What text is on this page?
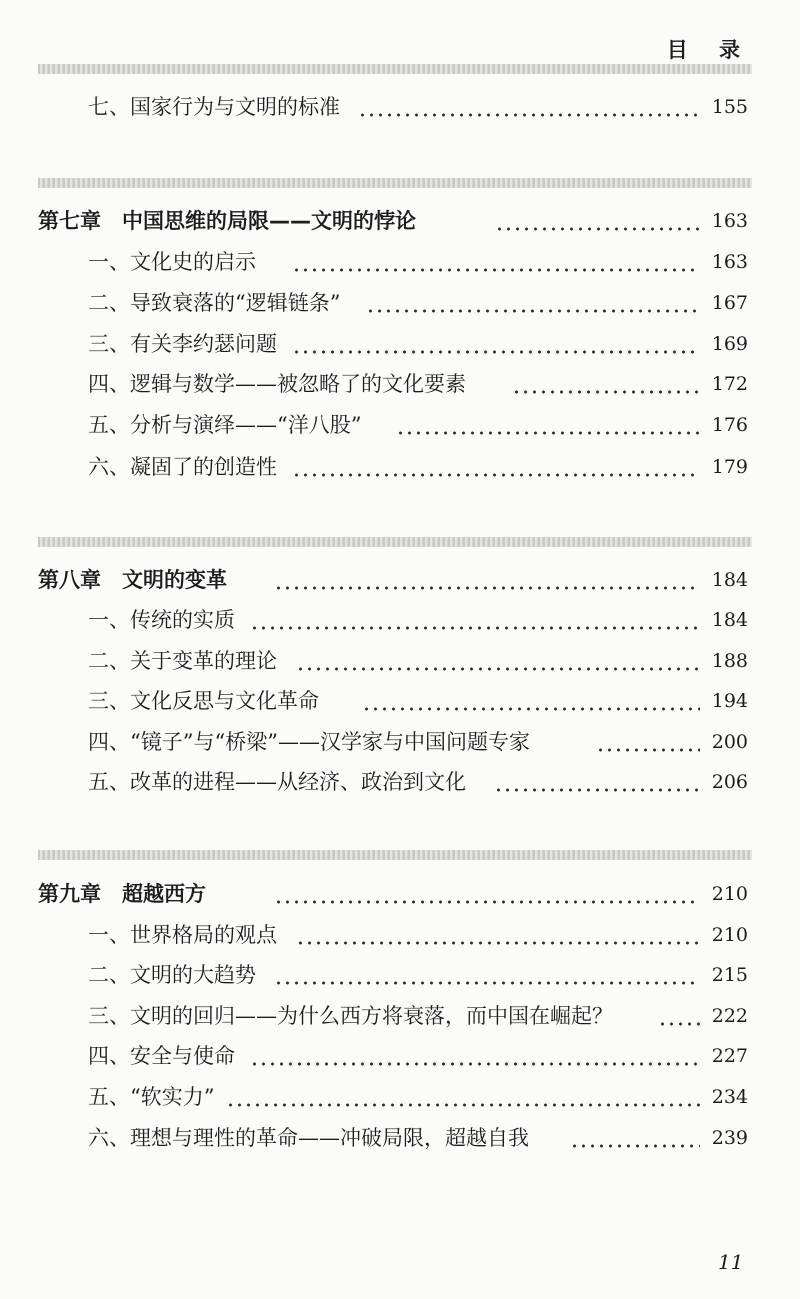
目 录
七、国家行为与文明的标准	155
第七章　中国思维的局限——文明的悖论	163
一、文化史的启示	163
二、导致衰落的“逻辑链条”	167
三、有关李约瑟问题	169
四、逻辑与数学——被忽略了的文化要素	172
五、分析与演绎——“洋八股”	176
六、凝固了的创造性	179
第八章　文明的变革	184
一、传统的实质	184
二、关于变革的理论	188
三、文化反思与文化革命	194
四、“镜子”与“桥梁”——汉学家与中国问题专家	200
五、改革的进程——从经济、政治到文化	206
第九章　超越西方	210
一、世界格局的观点	210
二、文明的大趋势	215
三、文明的回归——为什么西方将衰落，而中国在崛起？	222
四、安全与使命	227
五、“软实力”	234
六、理想与理性的革命——冲破局限，超越自我	239
11
